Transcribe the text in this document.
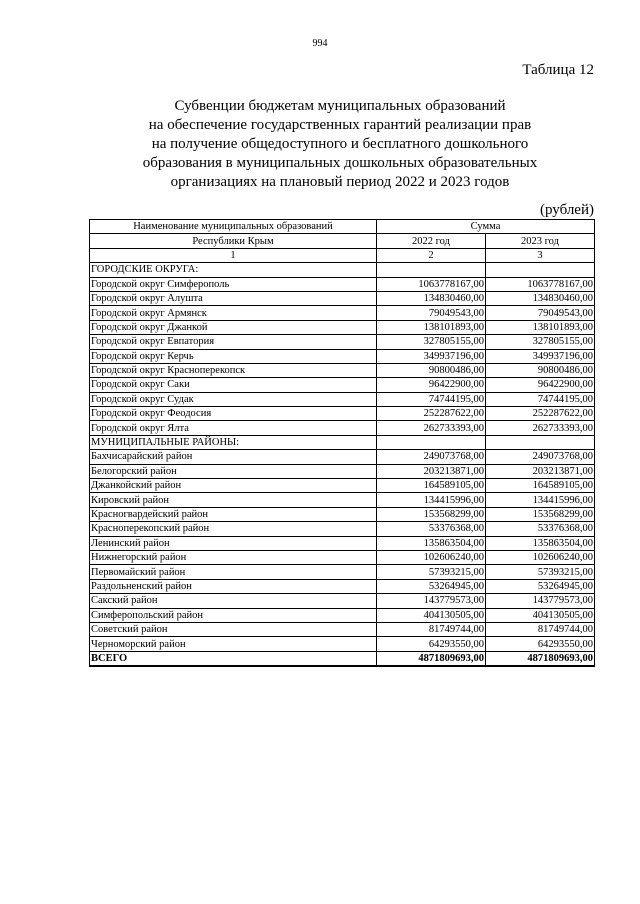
994
Таблица 12
Субвенции бюджетам муниципальных образований
на обеспечение государственных гарантий реализации прав
на получение общедоступного и бесплатного дошкольного
образования в муниципальных дошкольных образовательных
организациях на плановый период 2022 и 2023 годов
(рублей)
Наименование муниципальных образований	Сумма	
Республики Крым	2022 год	2023 год
1	2	3
ГОРОДСКИЕ ОКРУГА:		
Городской округ Симферополь	1063778167,00	1063778167,00
Городской округ Алушта	134830460,00	134830460,00
Городской округ Армянск	79049543,00	79049543,00
Городской округ Джанкой	138101893,00	138101893,00
Городской округ Евпатория	327805155,00	327805155,00
Городской округ Керчь	349937196,00	349937196,00
Городской округ Красноперекопск	90800486,00	90800486,00
Городской округ Саки	96422900,00	96422900,00
Городской округ Судак	74744195,00	74744195,00
Городской округ Феодосия	252287622,00	252287622,00
Городской округ Ялта	262733393,00	262733393,00
МУНИЦИПАЛЬНЫЕ РАЙОНЫ:		
Бахчисарайский район	249073768,00	249073768,00
Белогорский район	203213871,00	203213871,00
Джанкойский район	164589105,00	164589105,00
Кировский район	134415996,00	134415996,00
Красногвардейский район	153568299,00	153568299,00
Красноперекопский район	53376368,00	53376368,00
Ленинский район	135863504,00	135863504,00
Нижнегорский район	102606240,00	102606240,00
Первомайский район	57393215,00	57393215,00
Раздольненский район	53264945,00	53264945,00
Сакский район	143779573,00	143779573,00
Симферопольский район	404130505,00	404130505,00
Советский район	81749744,00	81749744,00
Черноморский район	64293550,00	64293550,00
ВСЕГО	4871809693,00	4871809693,00
